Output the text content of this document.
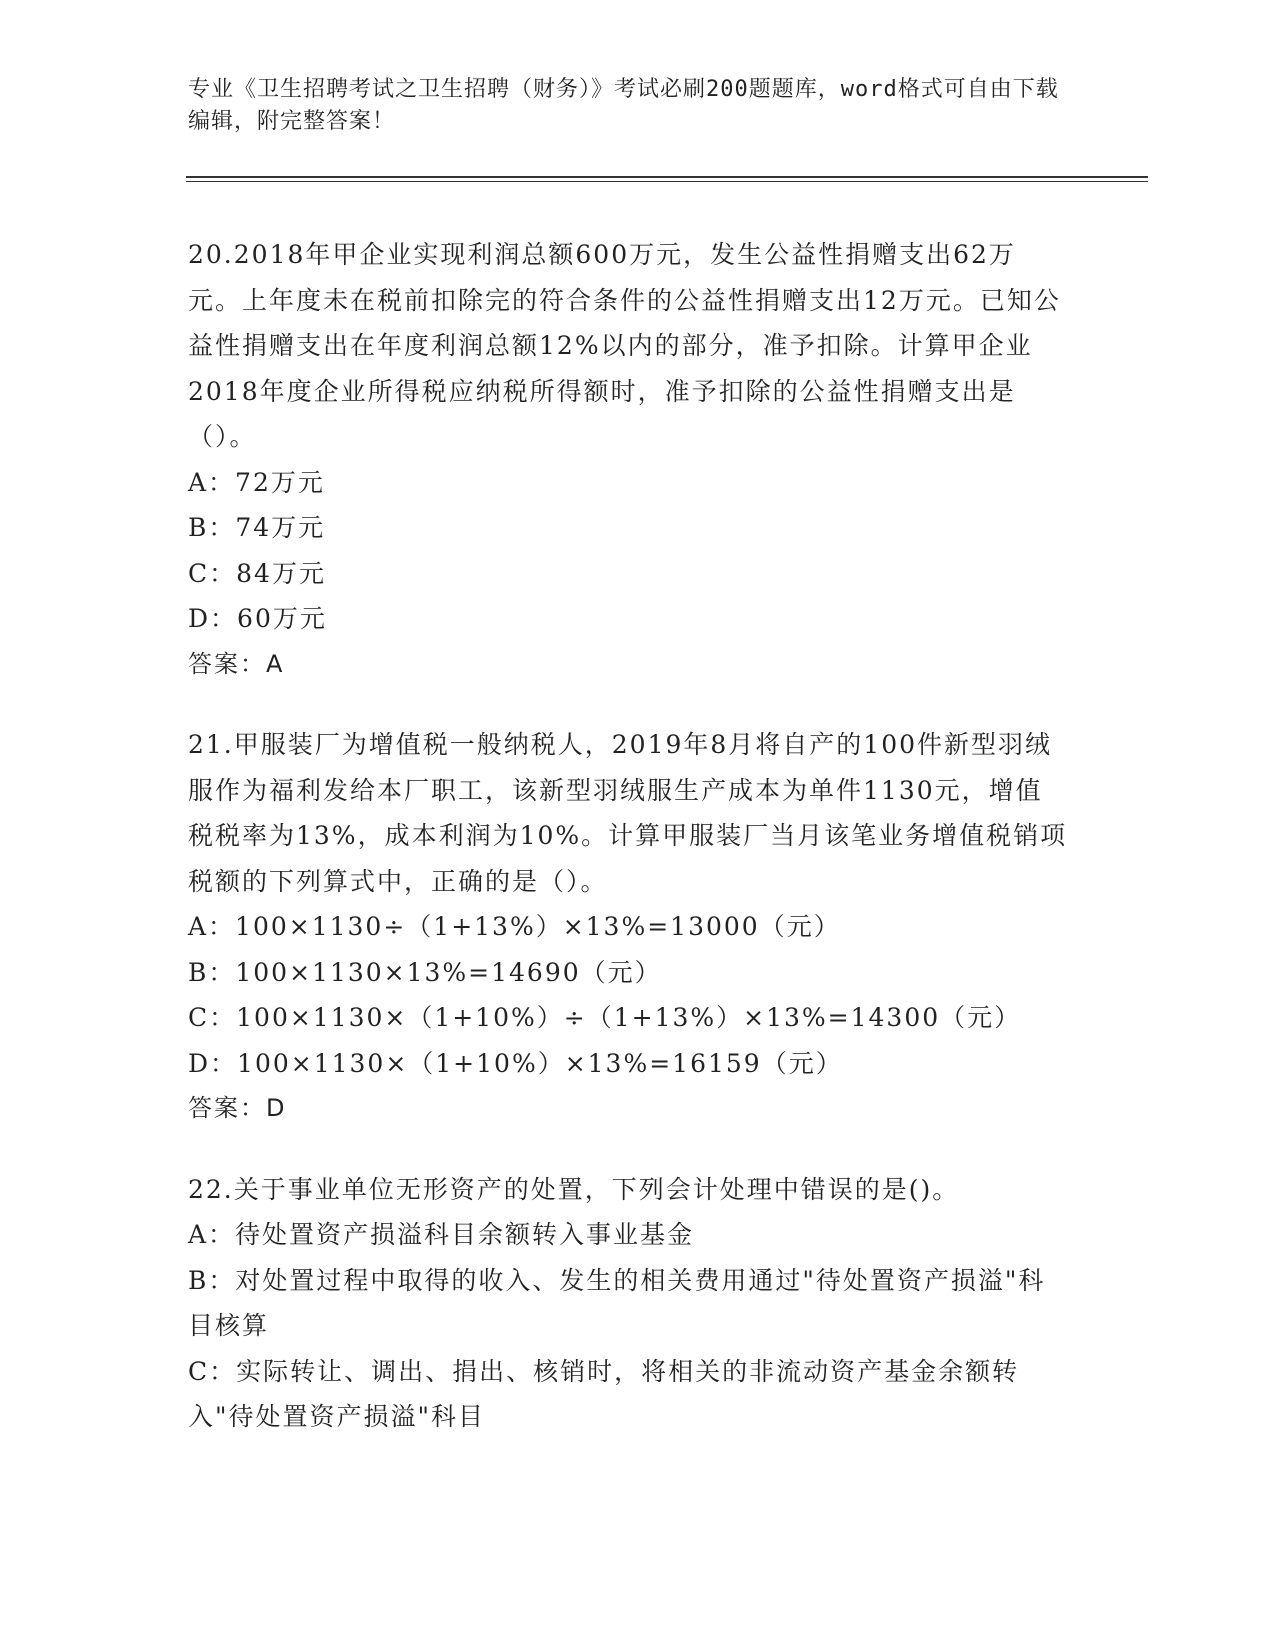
专业《卫生招聘考试之卫生招聘（财务）》考试必刷200题题库，word格式可自由下载编辑，附完整答案！

20.2018年甲企业实现利润总额600万元，发生公益性捐赠支出62万元。上年度未在税前扣除完的符合条件的公益性捐赠支出12万元。已知公益性捐赠支出在年度利润总额12%以内的部分，准予扣除。计算甲企业2018年度企业所得税应纳税所得额时，准予扣除的公益性捐赠支出是（）。

A：72万元
B：74万元
C：84万元
D：60万元
答案：A

21.甲服装厂为增值税一般纳税人，2019年8月将自产的100件新型羽绒服作为福利发给本厂职工，该新型羽绒服生产成本为单件1130元，增值税税率为13%，成本利润为10%。计算甲服装厂当月该笔业务增值税销项税额的下列算式中，正确的是（）。

A：100×1130÷（1+13%）×13%=13000（元）
B：100×1130×13%=14690（元）
C：100×1130×（1+10%）÷（1+13%）×13%=14300（元）
D：100×1130×（1+10%）×13%=16159（元）
答案：D

22.关于事业单位无形资产的处置，下列会计处理中错误的是()。

A：待处置资产损溢科目余额转入事业基金
B：对处置过程中取得的收入、发生的相关费用通过"待处置资产损溢"科目核算
C：实际转让、调出、捐出、核销时，将相关的非流动资产基金余额转入"待处置资产损溢"科目
